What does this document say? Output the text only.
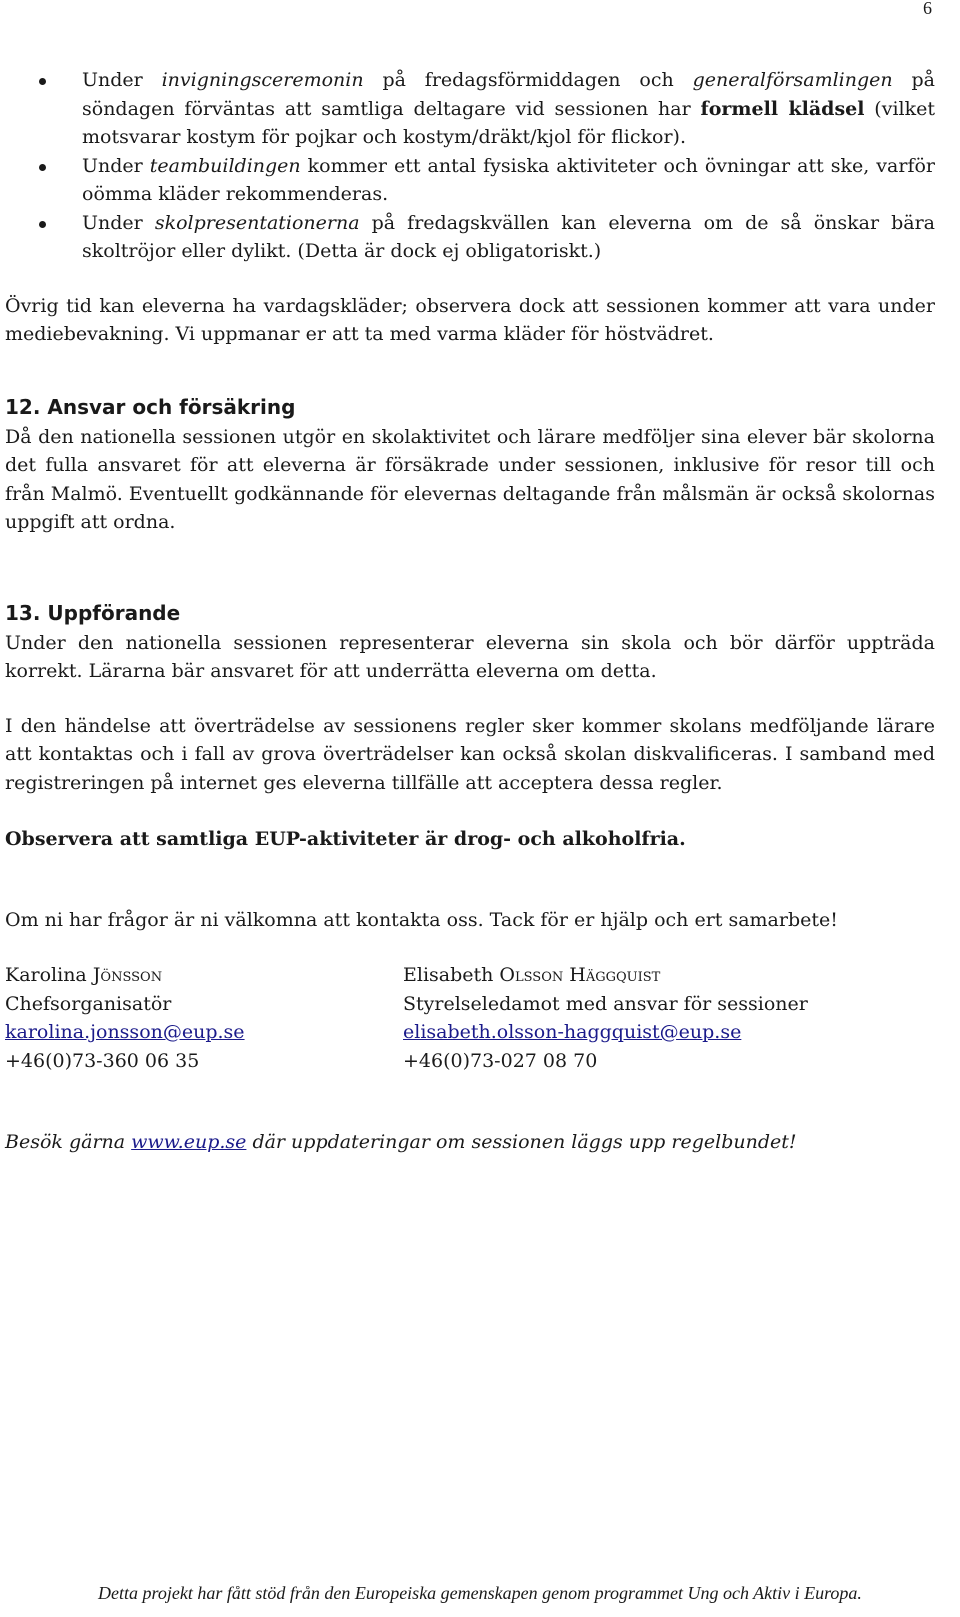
6
Under invigningsceremonin på fredagsförmiddagen och generalförsamlingen på söndagen förväntas att samtliga deltagare vid sessionen har formell klädsel (vilket motsvarar kostym för pojkar och kostym/dräkt/kjol för flickor).
Under teambuildingen kommer ett antal fysiska aktiviteter och övningar att ske, varför oömma kläder rekommenderas.
Under skolpresentationerna på fredagskvällen kan eleverna om de så önskar bära skoltröjor eller dylikt. (Detta är dock ej obligatoriskt.)

Övrig tid kan eleverna ha vardagskläder; observera dock att sessionen kommer att vara under mediebevakning. Vi uppmanar er att ta med varma kläder för höstvädret.

12. Ansvar och försäkring

Då den nationella sessionen utgör en skolaktivitet och lärare medföljer sina elever bär skolorna det fulla ansvaret för att eleverna är försäkrade under sessionen, inklusive för resor till och från Malmö. Eventuellt godkännande för elevernas deltagande från målsmän är också skolornas uppgift att ordna.

13. Uppförande

Under den nationella sessionen representerar eleverna sin skola och bör därför uppträda korrekt. Lärarna bär ansvaret för att underrätta eleverna om detta.

I den händelse att överträdelse av sessionens regler sker kommer skolans medföljande lärare att kontaktas och i fall av grova överträdelser kan också skolan diskvalificeras. I samband med registreringen på internet ges eleverna tillfälle att acceptera dessa regler.

Observera att samtliga EUP-aktiviteter är drog- och alkoholfria.

Om ni har frågor är ni välkomna att kontakta oss. Tack för er hjälp och ert samarbete!

Karolina Jönsson
Chefsorganisatör
karolina.jonsson@eup.se
+46(0)73-360 06 35
Elisabeth Olsson Häggquist
Styrelseledamot med ansvar för sessioner
elisabeth.olsson-haggquist@eup.se
+46(0)73-027 08 70

Besök gärna www.eup.se där uppdateringar om sessionen läggs upp regelbundet!

Detta projekt har fått stöd från den Europeiska gemenskapen genom programmet Ung och Aktiv i Europa.
